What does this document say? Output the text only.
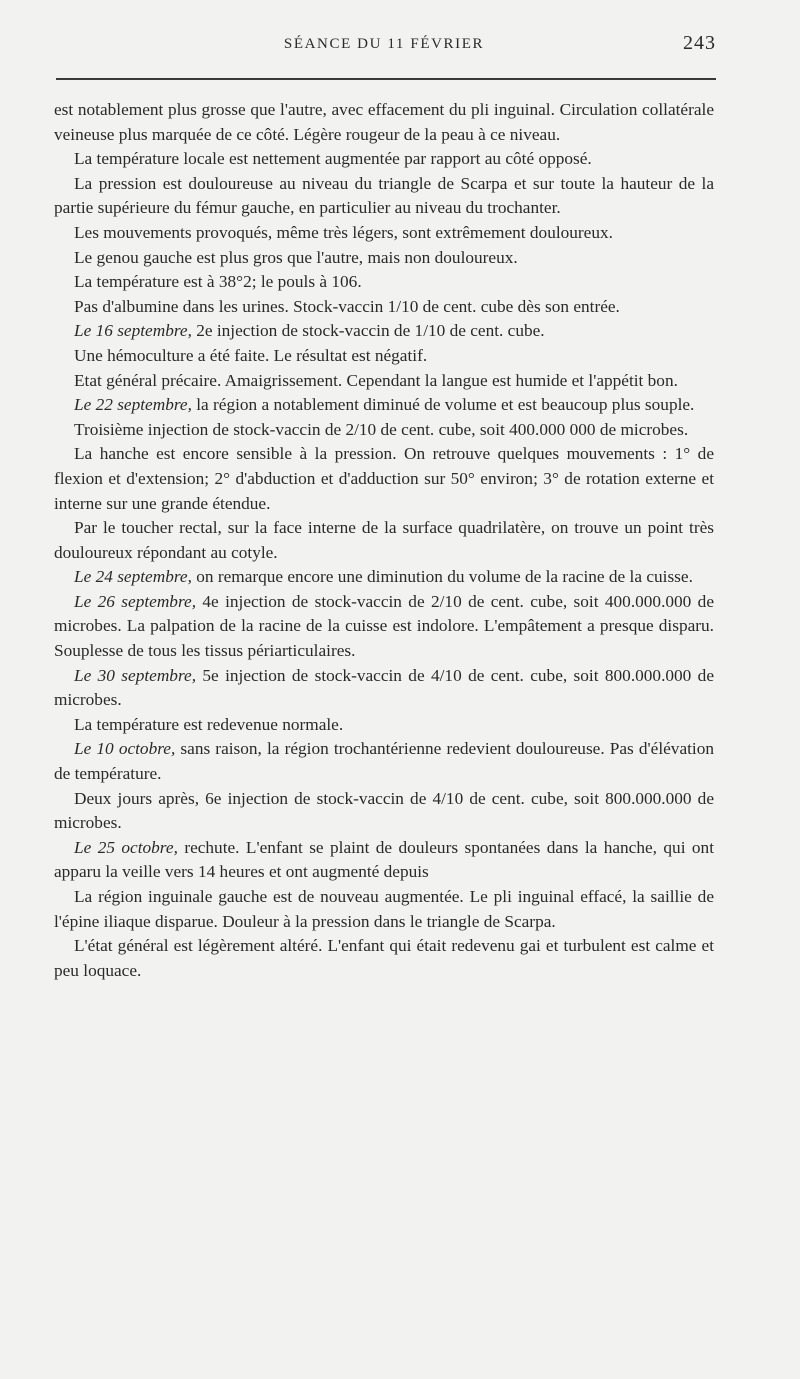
SÉANCE DU 11 FÉVRIER	243

est notablement plus grosse que l'autre, avec effacement du pli inguinal. Circulation collatérale veineuse plus marquée de ce côté. Légère rougeur de la peau à ce niveau.

La température locale est nettement augmentée par rapport au côté opposé.

La pression est douloureuse au niveau du triangle de Scarpa et sur toute la hauteur de la partie supérieure du fémur gauche, en particulier au niveau du trochanter.

Les mouvements provoqués, même très légers, sont extrêmement douloureux.

Le genou gauche est plus gros que l'autre, mais non douloureux.

La température est à 38°2; le pouls à 106.

Pas d'albumine dans les urines. Stock-vaccin 1/10 de cent. cube dès son entrée.

Le 16 septembre, 2e injection de stock-vaccin de 1/10 de cent. cube.

Une hémoculture a été faite. Le résultat est négatif.

Etat général précaire. Amaigrissement. Cependant la langue est humide et l'appétit bon.

Le 22 septembre, la région a notablement diminué de volume et est beaucoup plus souple.

Troisième injection de stock-vaccin de 2/10 de cent. cube, soit 400.000 000 de microbes.

La hanche est encore sensible à la pression. On retrouve quelques mouvements : 1° de flexion et d'extension; 2° d'abduction et d'adduction sur 50° environ; 3° de rotation externe et interne sur une grande étendue.

Par le toucher rectal, sur la face interne de la surface quadrilatère, on trouve un point très douloureux répondant au cotyle.

Le 24 septembre, on remarque encore une diminution du volume de la racine de la cuisse.

Le 26 septembre, 4e injection de stock-vaccin de 2/10 de cent. cube, soit 400.000.000 de microbes. La palpation de la racine de la cuisse est indolore. L'empâtement a presque disparu. Souplesse de tous les tissus périarticulaires.

Le 30 septembre, 5e injection de stock-vaccin de 4/10 de cent. cube, soit 800.000.000 de microbes.

La température est redevenue normale.

Le 10 octobre, sans raison, la région trochantérienne redevient douloureuse. Pas d'élévation de température.

Deux jours après, 6e injection de stock-vaccin de 4/10 de cent. cube, soit 800.000.000 de microbes.

Le 25 octobre, rechute. L'enfant se plaint de douleurs spontanées dans la hanche, qui ont apparu la veille vers 14 heures et ont augmenté depuis

La région inguinale gauche est de nouveau augmentée. Le pli inguinal effacé, la saillie de l'épine iliaque disparue. Douleur à la pression dans le triangle de Scarpa.

L'état général est légèrement altéré. L'enfant qui était redevenu gai et turbulent est calme et peu loquace.
